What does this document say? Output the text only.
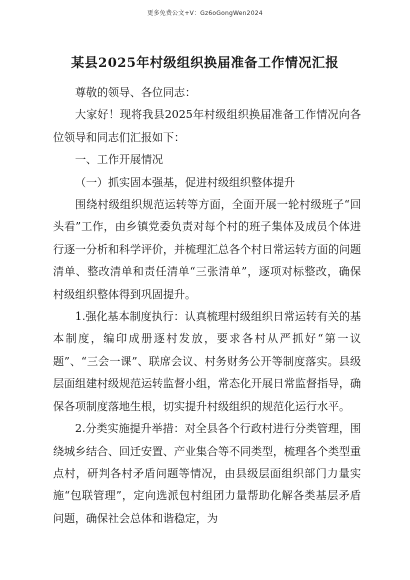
更多免费公文+V：Gz6oGongWen2024
某县2025年村级组织换届准备工作情况汇报

尊敬的领导、各位同志：

大家好！现将我县2025年村级组织换届准备工作情况向各位领导和同志们汇报如下：

一、工作开展情况

（一）抓实固本强基，促进村级组织整体提升

围绕村级组织规范运转等方面，全面开展一轮村级班子“回头看”工作，由乡镇党委负责对每个村的班子集体及成员个体进行逐一分析和科学评价，并梳理汇总各个村日常运转方面的问题清单、整改清单和责任清单“三张清单”，逐项对标整改，确保村级组织整体得到巩固提升。

1.强化基本制度执行：认真梳理村级组织日常运转有关的基本制度，编印成册逐村发放，要求各村从严抓好“第一议题”、“三会一课”、联席会议、村务财务公开等制度落实。县级层面组建村级规范运转监督小组，常态化开展日常监督指导，确保各项制度落地生根，切实提升村级组织的规范化运行水平。

2.分类实施提升举措：对全县各个行政村进行分类管理，围绕城乡结合、回迁安置、产业集合等不同类型，梳理各个类型重点村，研判各村矛盾问题等情况，由县级层面组织部门力量实施“包联管理”，定向选派包村组团力量帮助化解各类基层矛盾问题，确保社会总体和谐稳定，为
